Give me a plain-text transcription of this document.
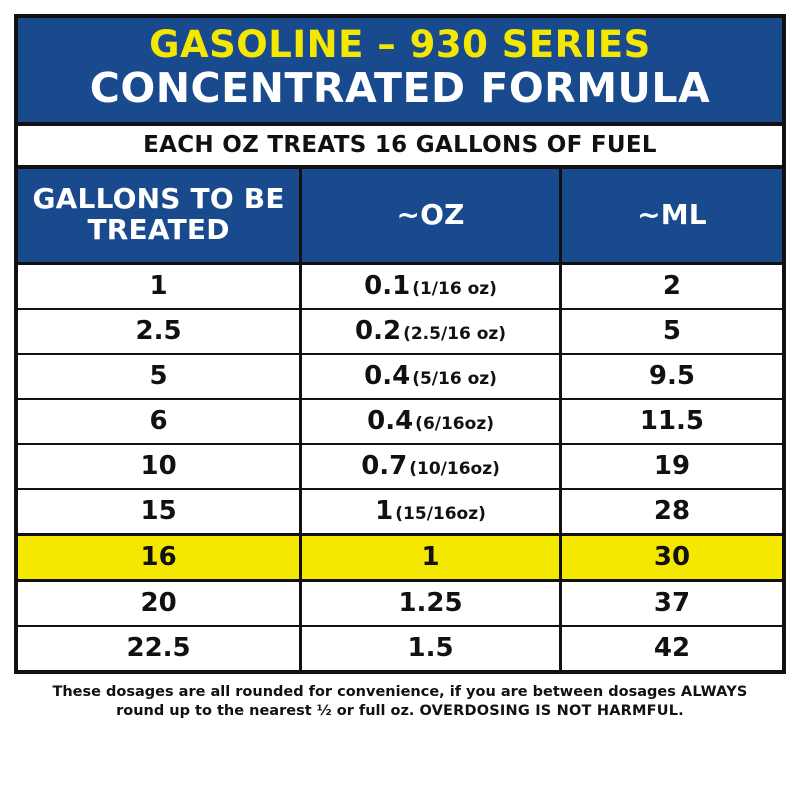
GASOLINE – 930 SERIES
CONCENTRATED FORMULA
EACH OZ TREATS 16 GALLONS OF FUEL
GALLONS TO BE TREATED	~OZ	~ML
1	0.1 (1/16 oz)	2
2.5	0.2 (2.5/16 oz)	5
5	0.4 (5/16 oz)	9.5
6	0.4 (6/16oz)	11.5
10	0.7 (10/16oz)	19
15	1 (15/16oz)	28
16	1	30
20	1.25	37
22.5	1.5	42
These dosages are all rounded for convenience, if you are between dosages ALWAYS
round up to the nearest ½ or full oz. OVERDOSING IS NOT HARMFUL.
